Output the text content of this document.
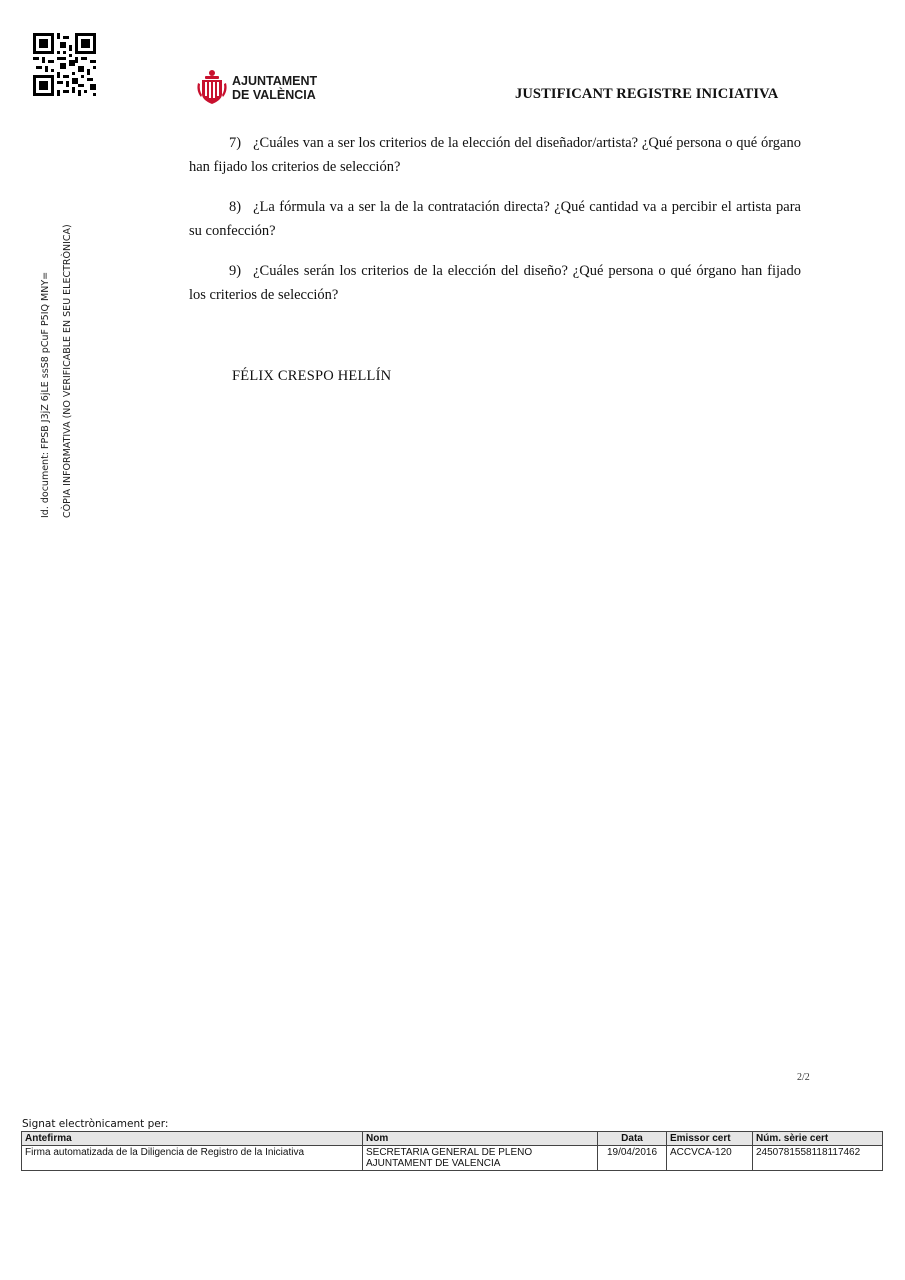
Id. document: FPSB J3jZ 6jLE ssS8 pCuF P5IQ MNY= CÒPIA INFORMATIVA (NO VERIFICABLE EN SEU ELECTRÒNICA)
AJUNTAMENT
DE VALÈNCIA	JUSTIFICANT REGISTRE INICIATIVA

7) ¿Cuáles van a ser los criterios de la elección del diseñador/artista? ¿Qué persona o qué órgano han fijado los criterios de selección?

8) ¿La fórmula va a ser la de la contratación directa? ¿Qué cantidad va a percibir el artista para su confección?

9) ¿Cuáles serán los criterios de la elección del diseño? ¿Qué persona o qué órgano han fijado los criterios de selección?

FÉLIX CRESPO HELLÍN
2/2
Signat electrònicament per:
Antefirma	Nom	Data	Emissor cert	Núm. sèrie cert
Firma automatizada de la Diligencia de Registro de la Iniciativa	SECRETARIA GENERAL DE PLENO
AJUNTAMENT DE VALENCIA	19/04/2016	ACCVCA-120	2450781558118117462
